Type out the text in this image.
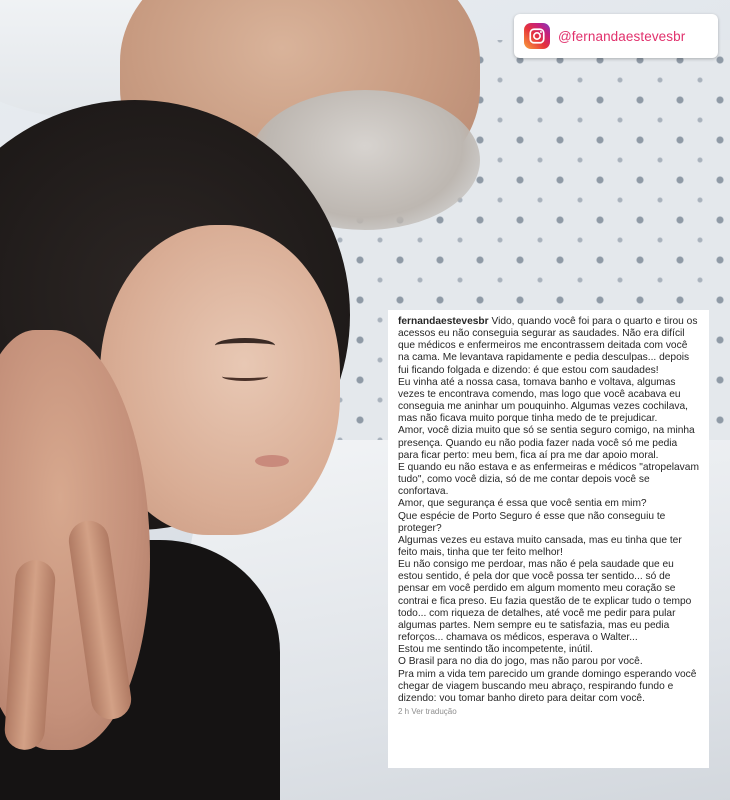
@fernandaestevesbr

fernandaestevesbr Vido, quando você foi para o quarto e tirou os acessos eu não conseguia segurar as saudades. Não era difícil que médicos e enfermeiros me encontrassem deitada com você na cama. Me levantava rapidamente e pedia desculpas... depois fui ficando folgada e dizendo: é que estou com saudades!

Eu vinha até a nossa casa, tomava banho e voltava, algumas vezes te encontrava comendo, mas logo que você acabava eu conseguia me aninhar um pouquinho. Algumas vezes cochilava, mas não ficava muito porque tinha medo de te prejudicar.

Amor, você dizia muito que só se sentia seguro comigo, na minha presença. Quando eu não podia fazer nada você só me pedia para ficar perto: meu bem, fica aí pra me dar apoio moral.

E quando eu não estava e as enfermeiras e médicos "atropelavam tudo", como você dizia, só de me contar depois você se confortava.

Amor, que segurança é essa que você sentia em mim?

Que espécie de Porto Seguro é esse que não conseguiu te proteger?

Algumas vezes eu estava muito cansada, mas eu tinha que ter feito mais, tinha que ter feito melhor!

Eu não consigo me perdoar, mas não é pela saudade que eu estou sentido, é pela dor que você possa ter sentido... só de pensar em você perdido em algum momento meu coração se contrai e fica preso. Eu fazia questão de te explicar tudo o tempo todo... com riqueza de detalhes, até você me pedir para pular algumas partes. Nem sempre eu te satisfazia, mas eu pedia reforços... chamava os médicos, esperava o Walter...

Estou me sentindo tão incompetente, inútil.

O Brasil para no dia do jogo, mas não parou por você.

Pra mim a vida tem parecido um grande domingo esperando você chegar de viagem buscando meu abraço, respirando fundo e dizendo: vou tomar banho direto para deitar com você.

2 h Ver tradução
